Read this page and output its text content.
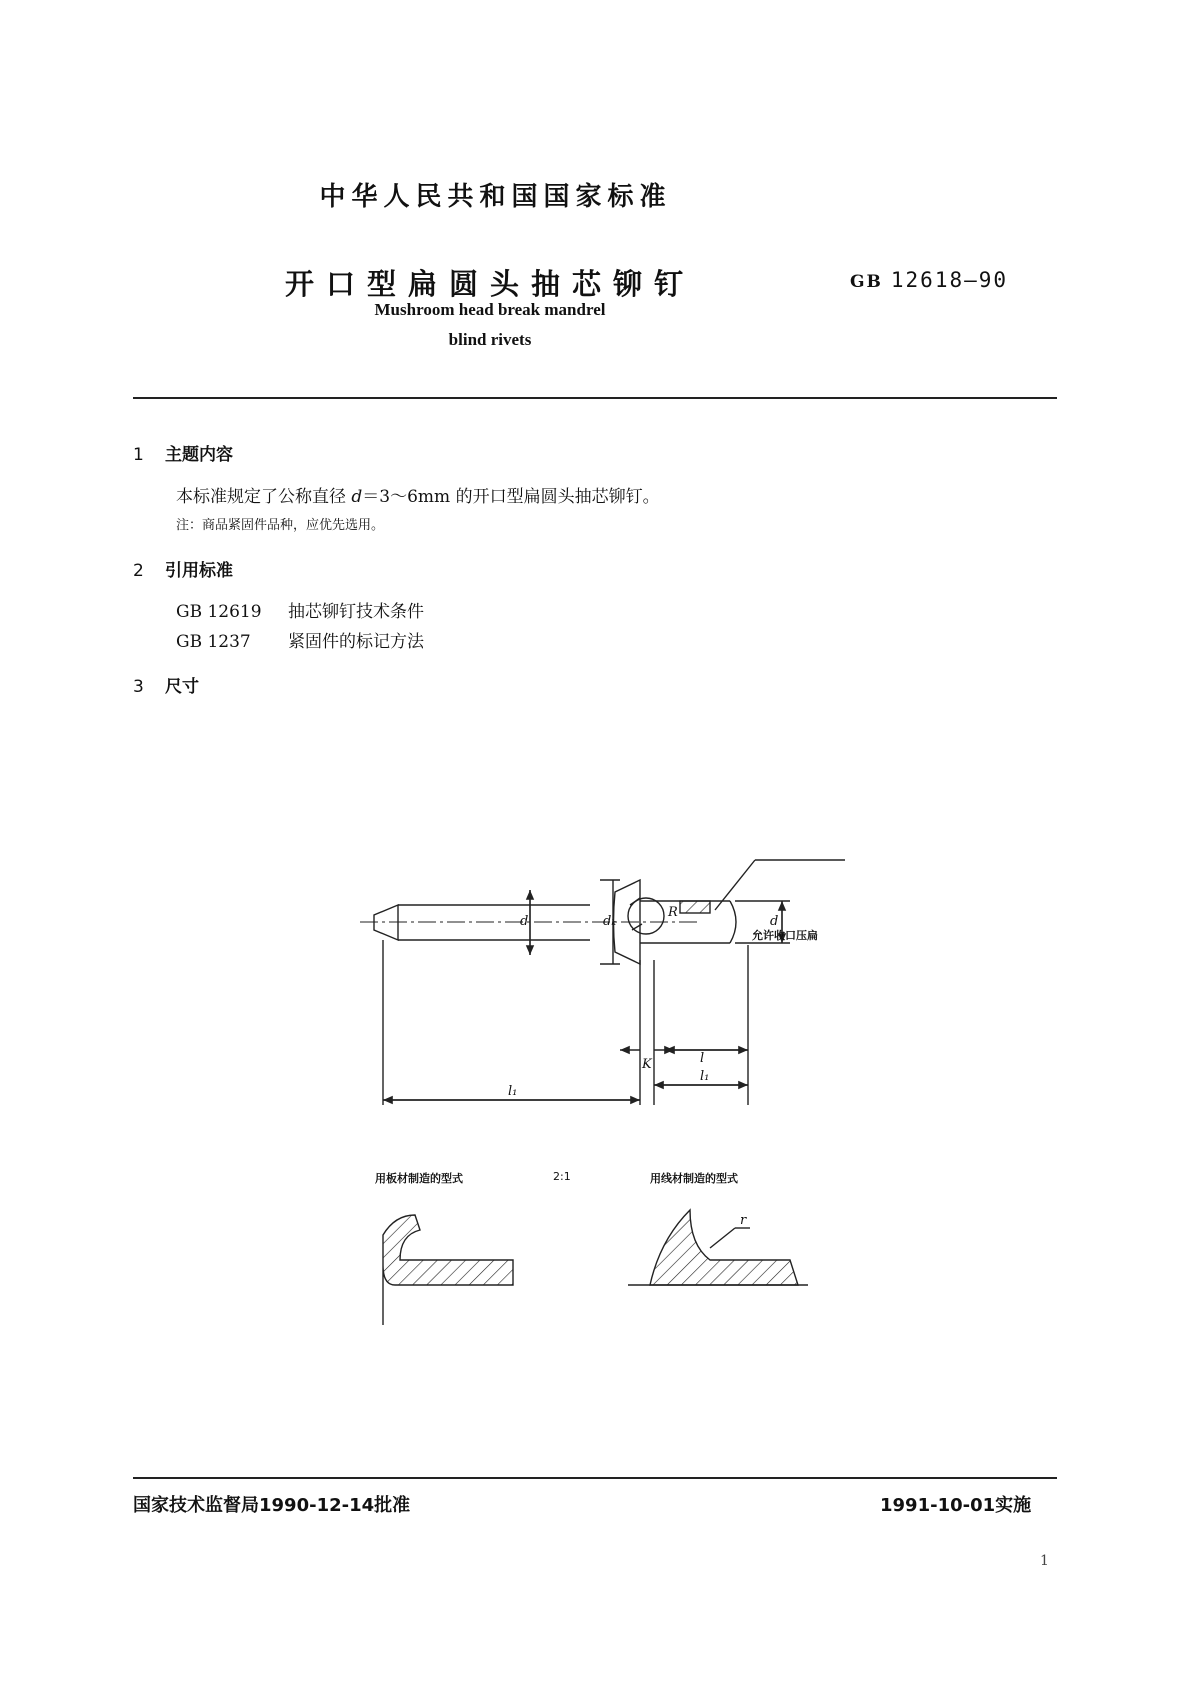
中华人民共和国国家标准
开口型扁圆头抽芯铆钉	GB 12618—90
Mushroom head break mandrel
blind rivets
1 主题内容
本标准规定了公称直径 d＝3～6mm 的开口型扁圆头抽芯铆钉。
注：商品紧固件品种，应优先选用。
2 引用标准
GB 12619 抽芯铆钉技术条件
GB 1237 紧固件的标记方法
3 尺寸
d	dₖ	d
R
K	l
l₁
l₁
r
允许收口压扁
用板材制造的型式	2:1	用线材制造的型式
国家技术监督局1990-12-14批准	1991-10-01实施
1
